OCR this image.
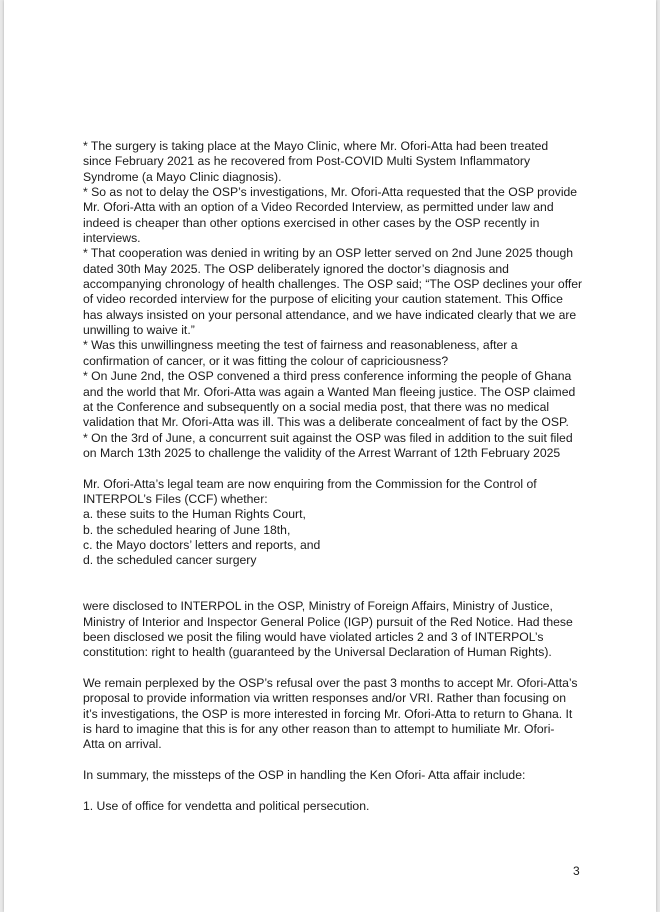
* The surgery is taking place at the Mayo Clinic, where Mr. Ofori-Atta had been treated
since February 2021 as he recovered from Post-COVID Multi System Inflammatory
Syndrome (a Mayo Clinic diagnosis).
* So as not to delay the OSP’s investigations, Mr. Ofori-Atta requested that the OSP provide
Mr. Ofori-Atta with an option of a Video Recorded Interview, as permitted under law and
indeed is cheaper than other options exercised in other cases by the OSP recently in
interviews.
* That cooperation was denied in writing by an OSP letter served on 2nd June 2025 though
dated 30th May 2025. The OSP deliberately ignored the doctor’s diagnosis and
accompanying chronology of health challenges. The OSP said; “The OSP declines your offer
of video recorded interview for the purpose of eliciting your caution statement. This Office
has always insisted on your personal attendance, and we have indicated clearly that we are
unwilling to waive it.”
* Was this unwillingness meeting the test of fairness and reasonableness, after a
confirmation of cancer, or it was fitting the colour of capriciousness?
* On June 2nd, the OSP convened a third press conference informing the people of Ghana
and the world that Mr. Ofori-Atta was again a Wanted Man fleeing justice. The OSP claimed
at the Conference and subsequently on a social media post, that there was no medical
validation that Mr. Ofori-Atta was ill. This was a deliberate concealment of fact by the OSP.
* On the 3rd of June, a concurrent suit against the OSP was filed in addition to the suit filed
on March 13th 2025 to challenge the validity of the Arrest Warrant of 12th February 2025
Mr. Ofori-Atta’s legal team are now enquiring from the Commission for the Control of
INTERPOL’s Files (CCF) whether:
a. these suits to the Human Rights Court,
b. the scheduled hearing of June 18th,
c. the Mayo doctors’ letters and reports, and
d. the scheduled cancer surgery
were disclosed to INTERPOL in the OSP, Ministry of Foreign Affairs, Ministry of Justice,
Ministry of Interior and Inspector General Police (IGP) pursuit of the Red Notice. Had these
been disclosed we posit the filing would have violated articles 2 and 3 of INTERPOL’s
constitution: right to health (guaranteed by the Universal Declaration of Human Rights).
We remain perplexed by the OSP’s refusal over the past 3 months to accept Mr. Ofori-Atta’s
proposal to provide information via written responses and/or VRI. Rather than focusing on
it’s investigations, the OSP is more interested in forcing Mr. Ofori-Atta to return to Ghana. It
is hard to imagine that this is for any other reason than to attempt to humiliate Mr. Ofori-
Atta on arrival.
In summary, the missteps of the OSP in handling the Ken Ofori- Atta affair include:
1. Use of office for vendetta and political persecution.
3
